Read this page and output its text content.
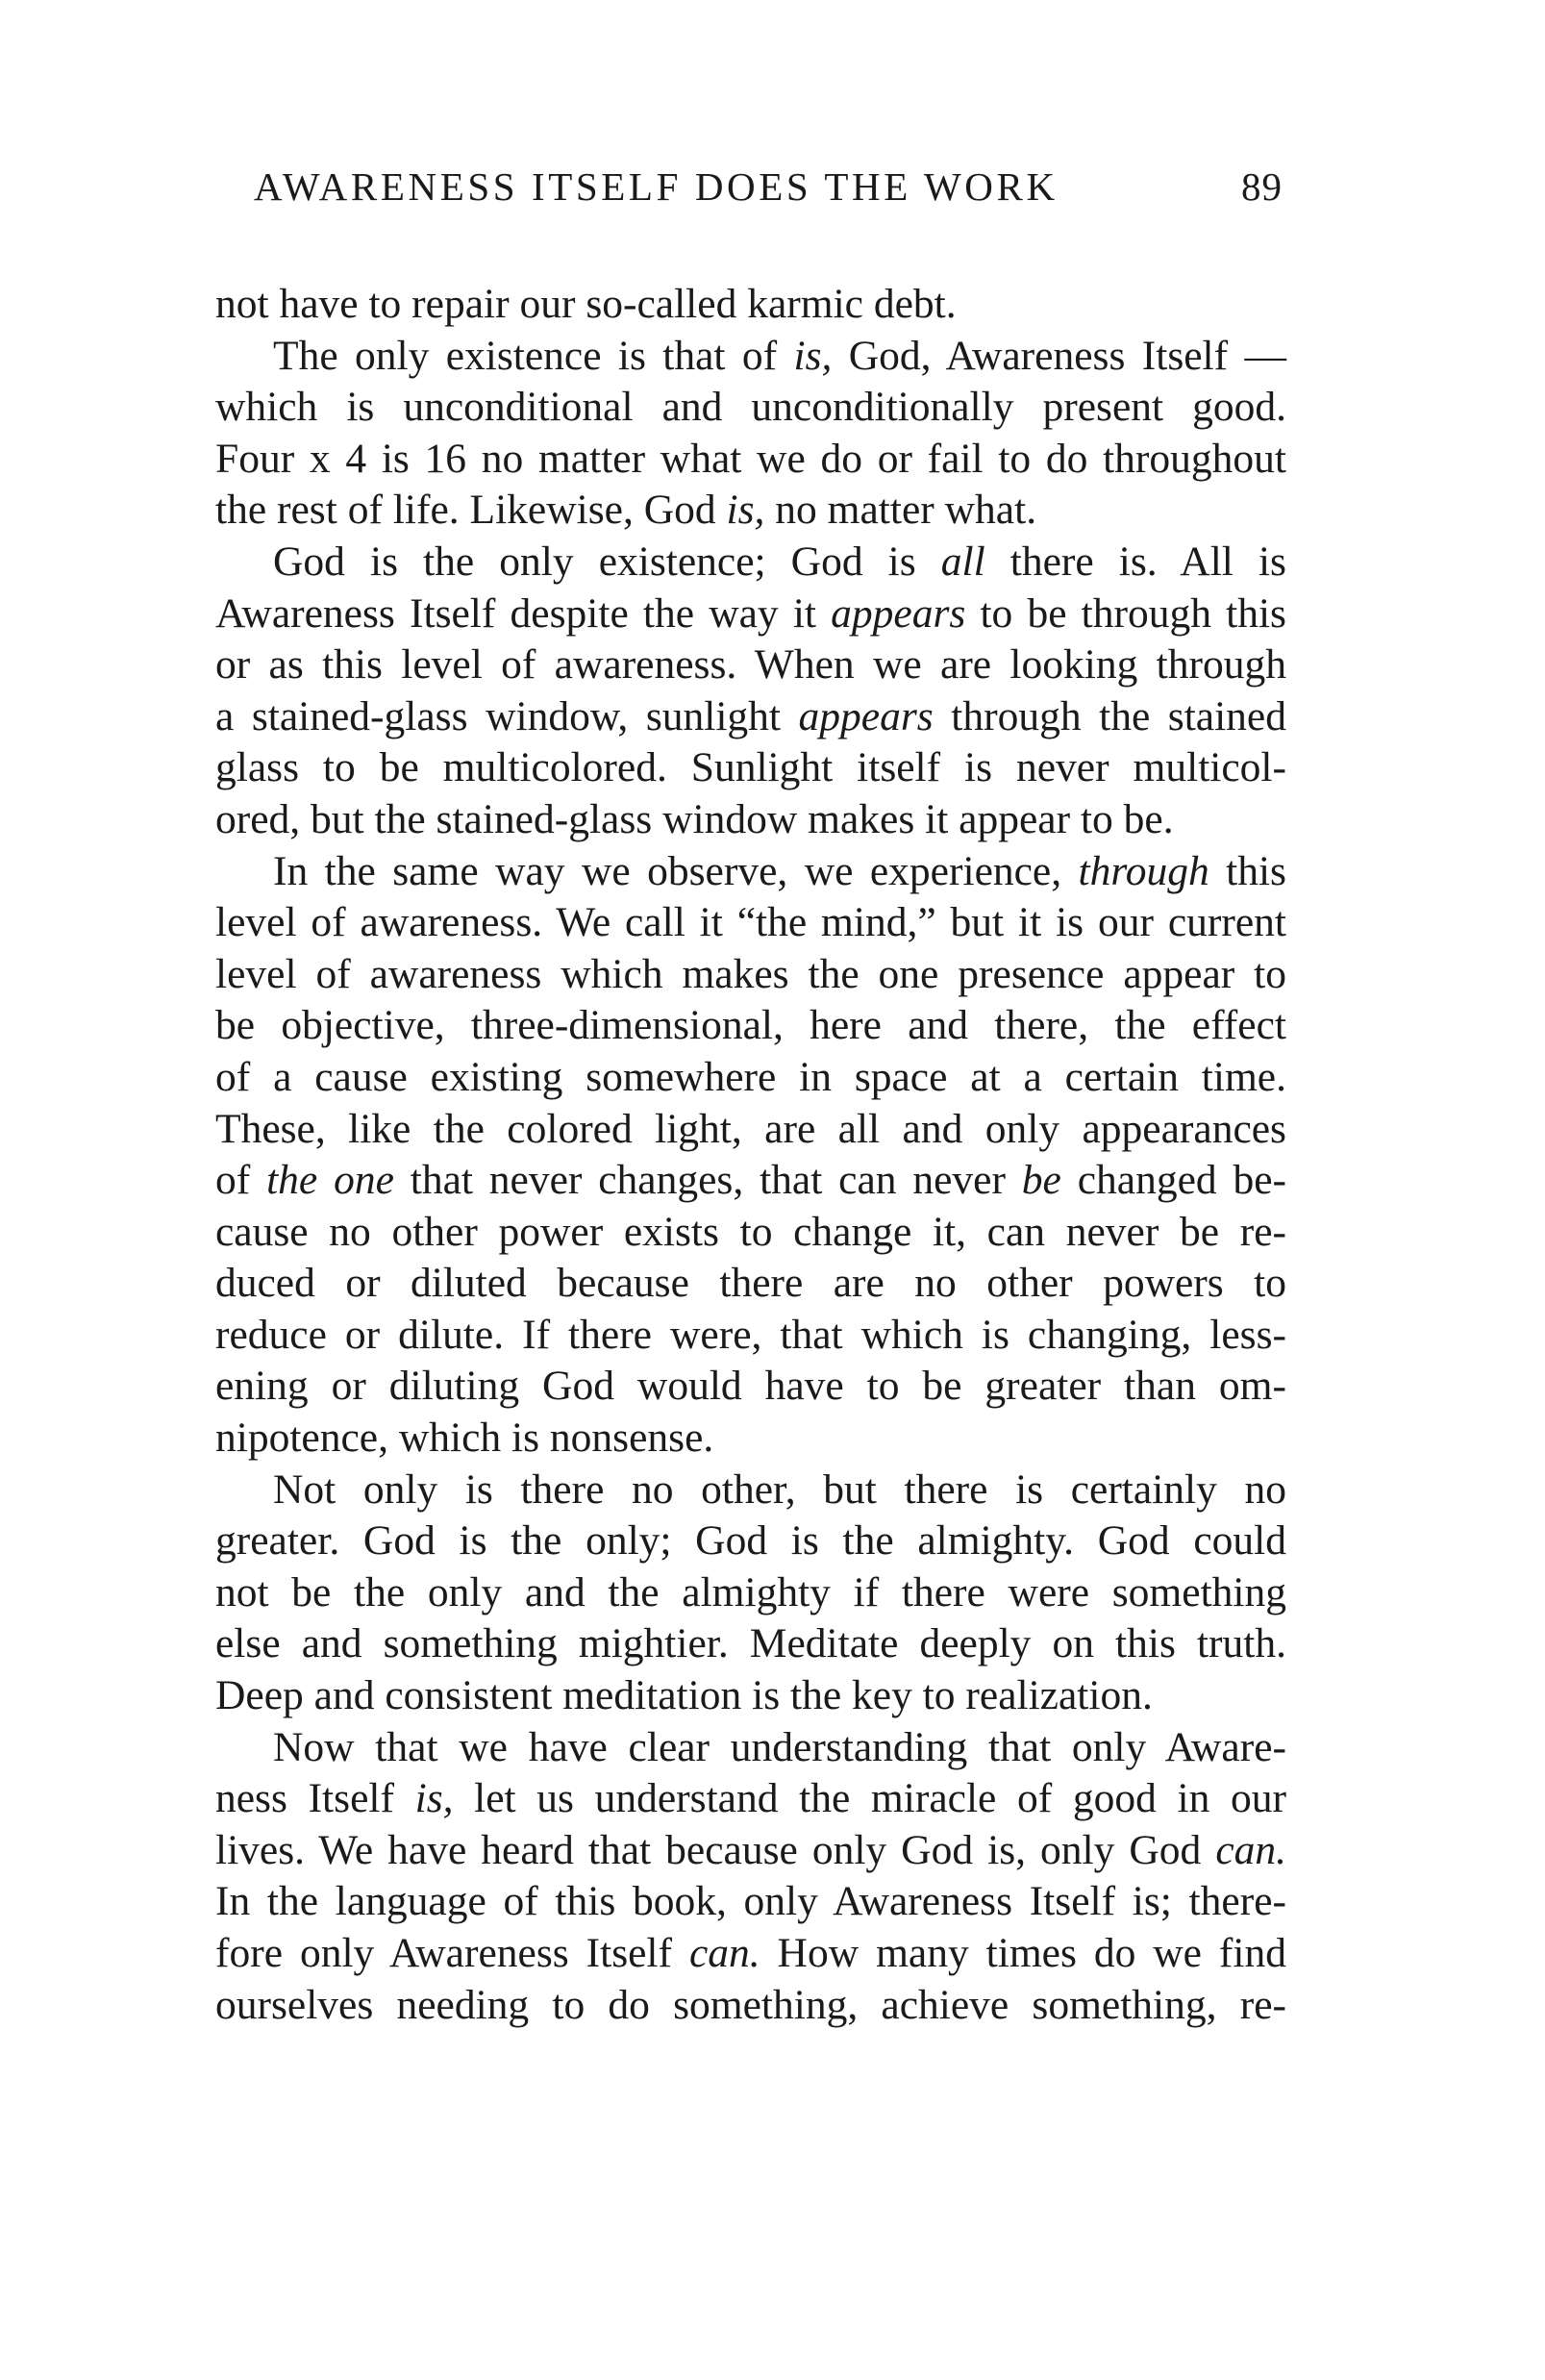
AWARENESS ITSELF DOES THE WORK	89
not have to repair our so-called karmic debt.
The only existence is that of is, God, Awareness Itself —
which is unconditional and unconditionally present good.
Four x 4 is 16 no matter what we do or fail to do throughout
the rest of life. Likewise, God is, no matter what.
God is the only existence; God is all there is. All is
Awareness Itself despite the way it appears to be through this
or as this level of awareness. When we are looking through
a stained-glass window, sunlight appears through the stained
glass to be multicolored. Sunlight itself is never multicol-
ored, but the stained-glass window makes it appear to be.
In the same way we observe, we experience, through this
level of awareness. We call it “the mind,” but it is our current
level of awareness which makes the one presence appear to
be objective, three-dimensional, here and there, the effect
of a cause existing somewhere in space at a certain time.
These, like the colored light, are all and only appearances
of the one that never changes, that can never be changed be-
cause no other power exists to change it, can never be re-
duced or diluted because there are no other powers to
reduce or dilute. If there were, that which is changing, less-
ening or diluting God would have to be greater than om-
nipotence, which is nonsense.
Not only is there no other, but there is certainly no
greater. God is the only; God is the almighty. God could
not be the only and the almighty if there were something
else and something mightier. Meditate deeply on this truth.
Deep and consistent meditation is the key to realization.
Now that we have clear understanding that only Aware-
ness Itself is, let us understand the miracle of good in our
lives. We have heard that because only God is, only God can.
In the language of this book, only Awareness Itself is; there-
fore only Awareness Itself can. How many times do we find
ourselves needing to do something, achieve something, re-
